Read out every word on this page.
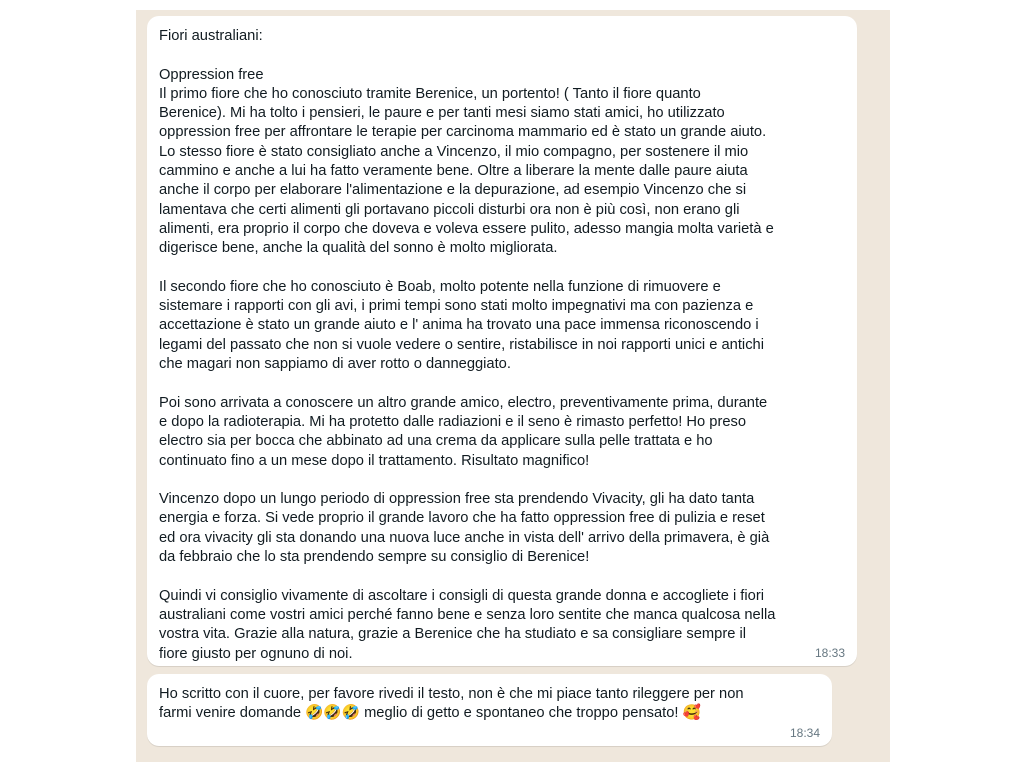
Fiori australiani:
Oppression free
Il primo fiore che ho conosciuto tramite Berenice, un portento! ( Tanto il fiore quanto
Berenice). Mi ha tolto i pensieri, le paure e per tanti mesi siamo stati amici, ho utilizzato
oppression free per affrontare le terapie per carcinoma mammario ed è stato un grande aiuto.
Lo stesso fiore è stato consigliato anche a Vincenzo, il mio compagno, per sostenere il mio
cammino e anche a lui ha fatto veramente bene. Oltre a liberare la mente dalle paure aiuta
anche il corpo per elaborare l'alimentazione e la depurazione, ad esempio Vincenzo che si
lamentava che certi alimenti gli portavano piccoli disturbi ora non è più così, non erano gli
alimenti, era proprio il corpo che doveva e voleva essere pulito, adesso mangia molta varietà e
digerisce bene, anche la qualità del sonno è molto migliorata.
Il secondo fiore che ho conosciuto è Boab, molto potente nella funzione di rimuovere e
sistemare i rapporti con gli avi, i primi tempi sono stati molto impegnativi ma con pazienza e
accettazione è stato un grande aiuto e l' anima ha trovato una pace immensa riconoscendo i
legami del passato che non si vuole vedere o sentire, ristabilisce in noi rapporti unici e antichi
che magari non sappiamo di aver rotto o danneggiato.
Poi sono arrivata a conoscere un altro grande amico, electro, preventivamente prima, durante
e dopo la radioterapia. Mi ha protetto dalle radiazioni e il seno è rimasto perfetto! Ho preso
electro sia per bocca che abbinato ad una crema da applicare sulla pelle trattata e ho
continuato fino a un mese dopo il trattamento. Risultato magnifico!
Vincenzo dopo un lungo periodo di oppression free sta prendendo Vivacity, gli ha dato tanta
energia e forza. Si vede proprio il grande lavoro che ha fatto oppression free di pulizia e reset
ed ora vivacity gli sta donando una nuova luce anche in vista dell' arrivo della primavera, è già
da febbraio che lo sta prendendo sempre su consiglio di Berenice!
Quindi vi consiglio vivamente di ascoltare i consigli di questa grande donna e accogliete i fiori
australiani come vostri amici perché fanno bene e senza loro sentite che manca qualcosa nella
vostra vita. Grazie alla natura, grazie a Berenice che ha studiato e sa consigliare sempre il
fiore giusto per ognuno di noi.	18:33
Ho scritto con il cuore, per favore rivedi il testo, non è che mi piace tanto rileggere per non
farmi venire domande 🤣🤣🤣 meglio di getto e spontaneo che troppo pensato! 🥰
18:34
